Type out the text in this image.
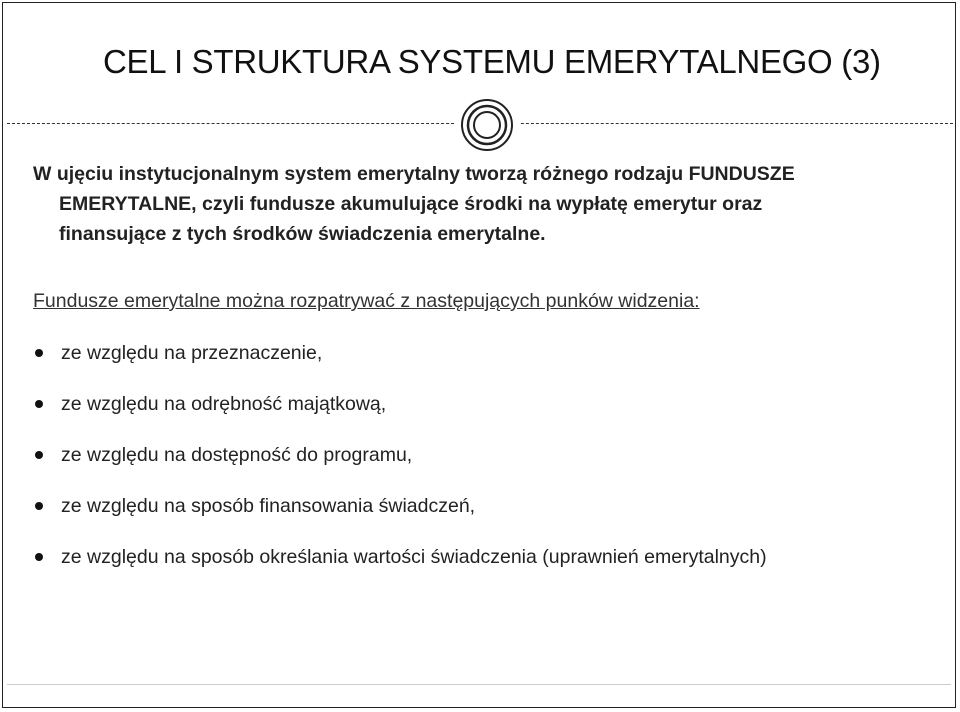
CEL I STRUKTURA SYSTEMU EMERYTALNEGO (3)
W ujęciu instytucjonalnym system emerytalny tworzą różnego rodzaju FUNDUSZE
EMERYTALNE, czyli fundusze akumulujące środki na wypłatę emerytur oraz
finansujące z tych środków świadczenia emerytalne.
Fundusze emerytalne można rozpatrywać z następujących punków widzenia:
ze względu na przeznaczenie,
ze względu na odrębność majątkową,
ze względu na dostępność do programu,
ze względu na sposób finansowania świadczeń,
ze względu na sposób określania wartości świadczenia (uprawnień emerytalnych)
